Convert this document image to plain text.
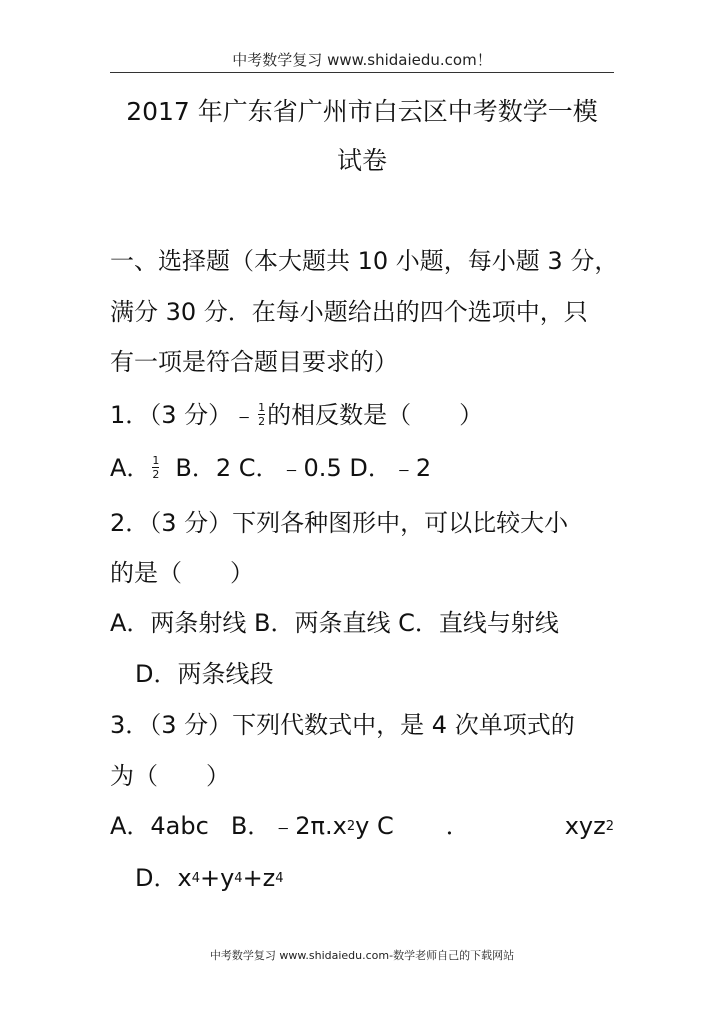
中考数学复习 www.shidaiedu.com！
2017 年广东省广州市白云区中考数学一模
试卷
一、选择题（本大题共 10 小题，每小题 3 分，
满分 30 分．在每小题给出的四个选项中，只
有一项是符合题目要求的）
1．（3 分）﹣ $\frac{1}{2}$ 的相反数是（　　）
A． $\frac{1}{2}$ B．2 C．﹣0.5 D．﹣2
2．（3 分）下列各种图形中，可以比较大小
的是（　　）
A．两条射线 B．两条直线 C．直线与射线
D．两条线段
3．（3 分）下列代数式中，是 4 次单项式的
为（　　）
A．4abc B．$﹣2\pi.x^2y$ C ．	xyz$^2$
D．$x^4+y^4+z^4$
中考数学复习 www.shidaiedu.com-数学老师自己的下载网站
